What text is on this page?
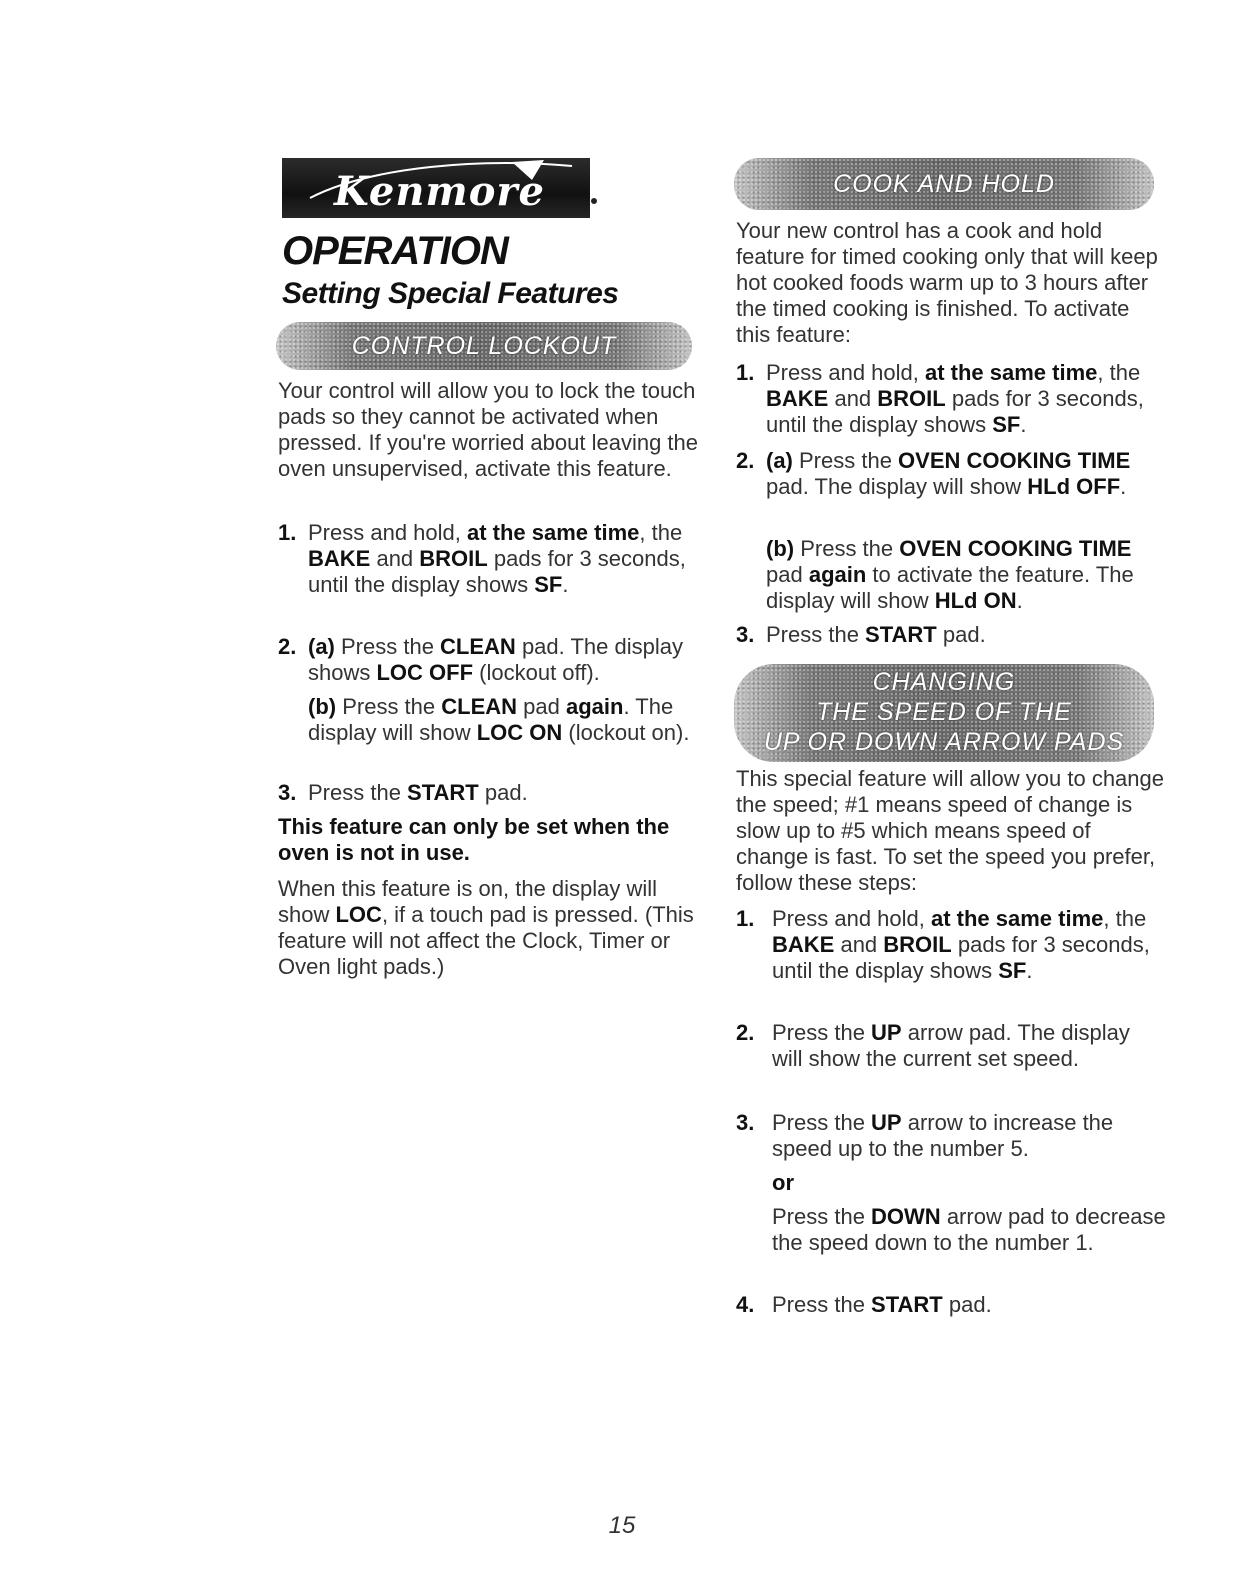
Kenmore
OPERATION
Setting Special Features
CONTROL LOCKOUT
Your control will allow you to lock the touch pads so they cannot be activated when pressed. If you're worried about leaving the oven unsupervised, activate this feature.
1. Press and hold, at the same time, the BAKE and BROIL pads for 3 seconds, until the display shows SF.
2. (a) Press the CLEAN pad. The display shows LOC OFF (lockout off).
(b) Press the CLEAN pad again. The display will show LOC ON (lockout on).
3. Press the START pad.
This feature can only be set when the oven is not in use.
When this feature is on, the display will show LOC, if a touch pad is pressed. (This feature will not affect the Clock, Timer or Oven light pads.)
COOK AND HOLD
Your new control has a cook and hold feature for timed cooking only that will keep hot cooked foods warm up to 3 hours after the timed cooking is finished. To activate this feature:
1. Press and hold, at the same time, the BAKE and BROIL pads for 3 seconds, until the display shows SF.
2. (a) Press the OVEN COOKING TIME pad. The display will show HLd OFF.
(b) Press the OVEN COOKING TIME pad again to activate the feature. The display will show HLd ON.
3. Press the START pad.
CHANGING
THE SPEED OF THE
UP OR DOWN ARROW PADS
This special feature will allow you to change the speed; #1 means speed of change is slow up to #5 which means speed of change is fast. To set the speed you prefer, follow these steps:
1. Press and hold, at the same time, the BAKE and BROIL pads for 3 seconds, until the display shows SF.
2. Press the UP arrow pad. The display will show the current set speed.
3. Press the UP arrow to increase the speed up to the number 5.
or
Press the DOWN arrow pad to decrease the speed down to the number 1.
4. Press the START pad.
15
